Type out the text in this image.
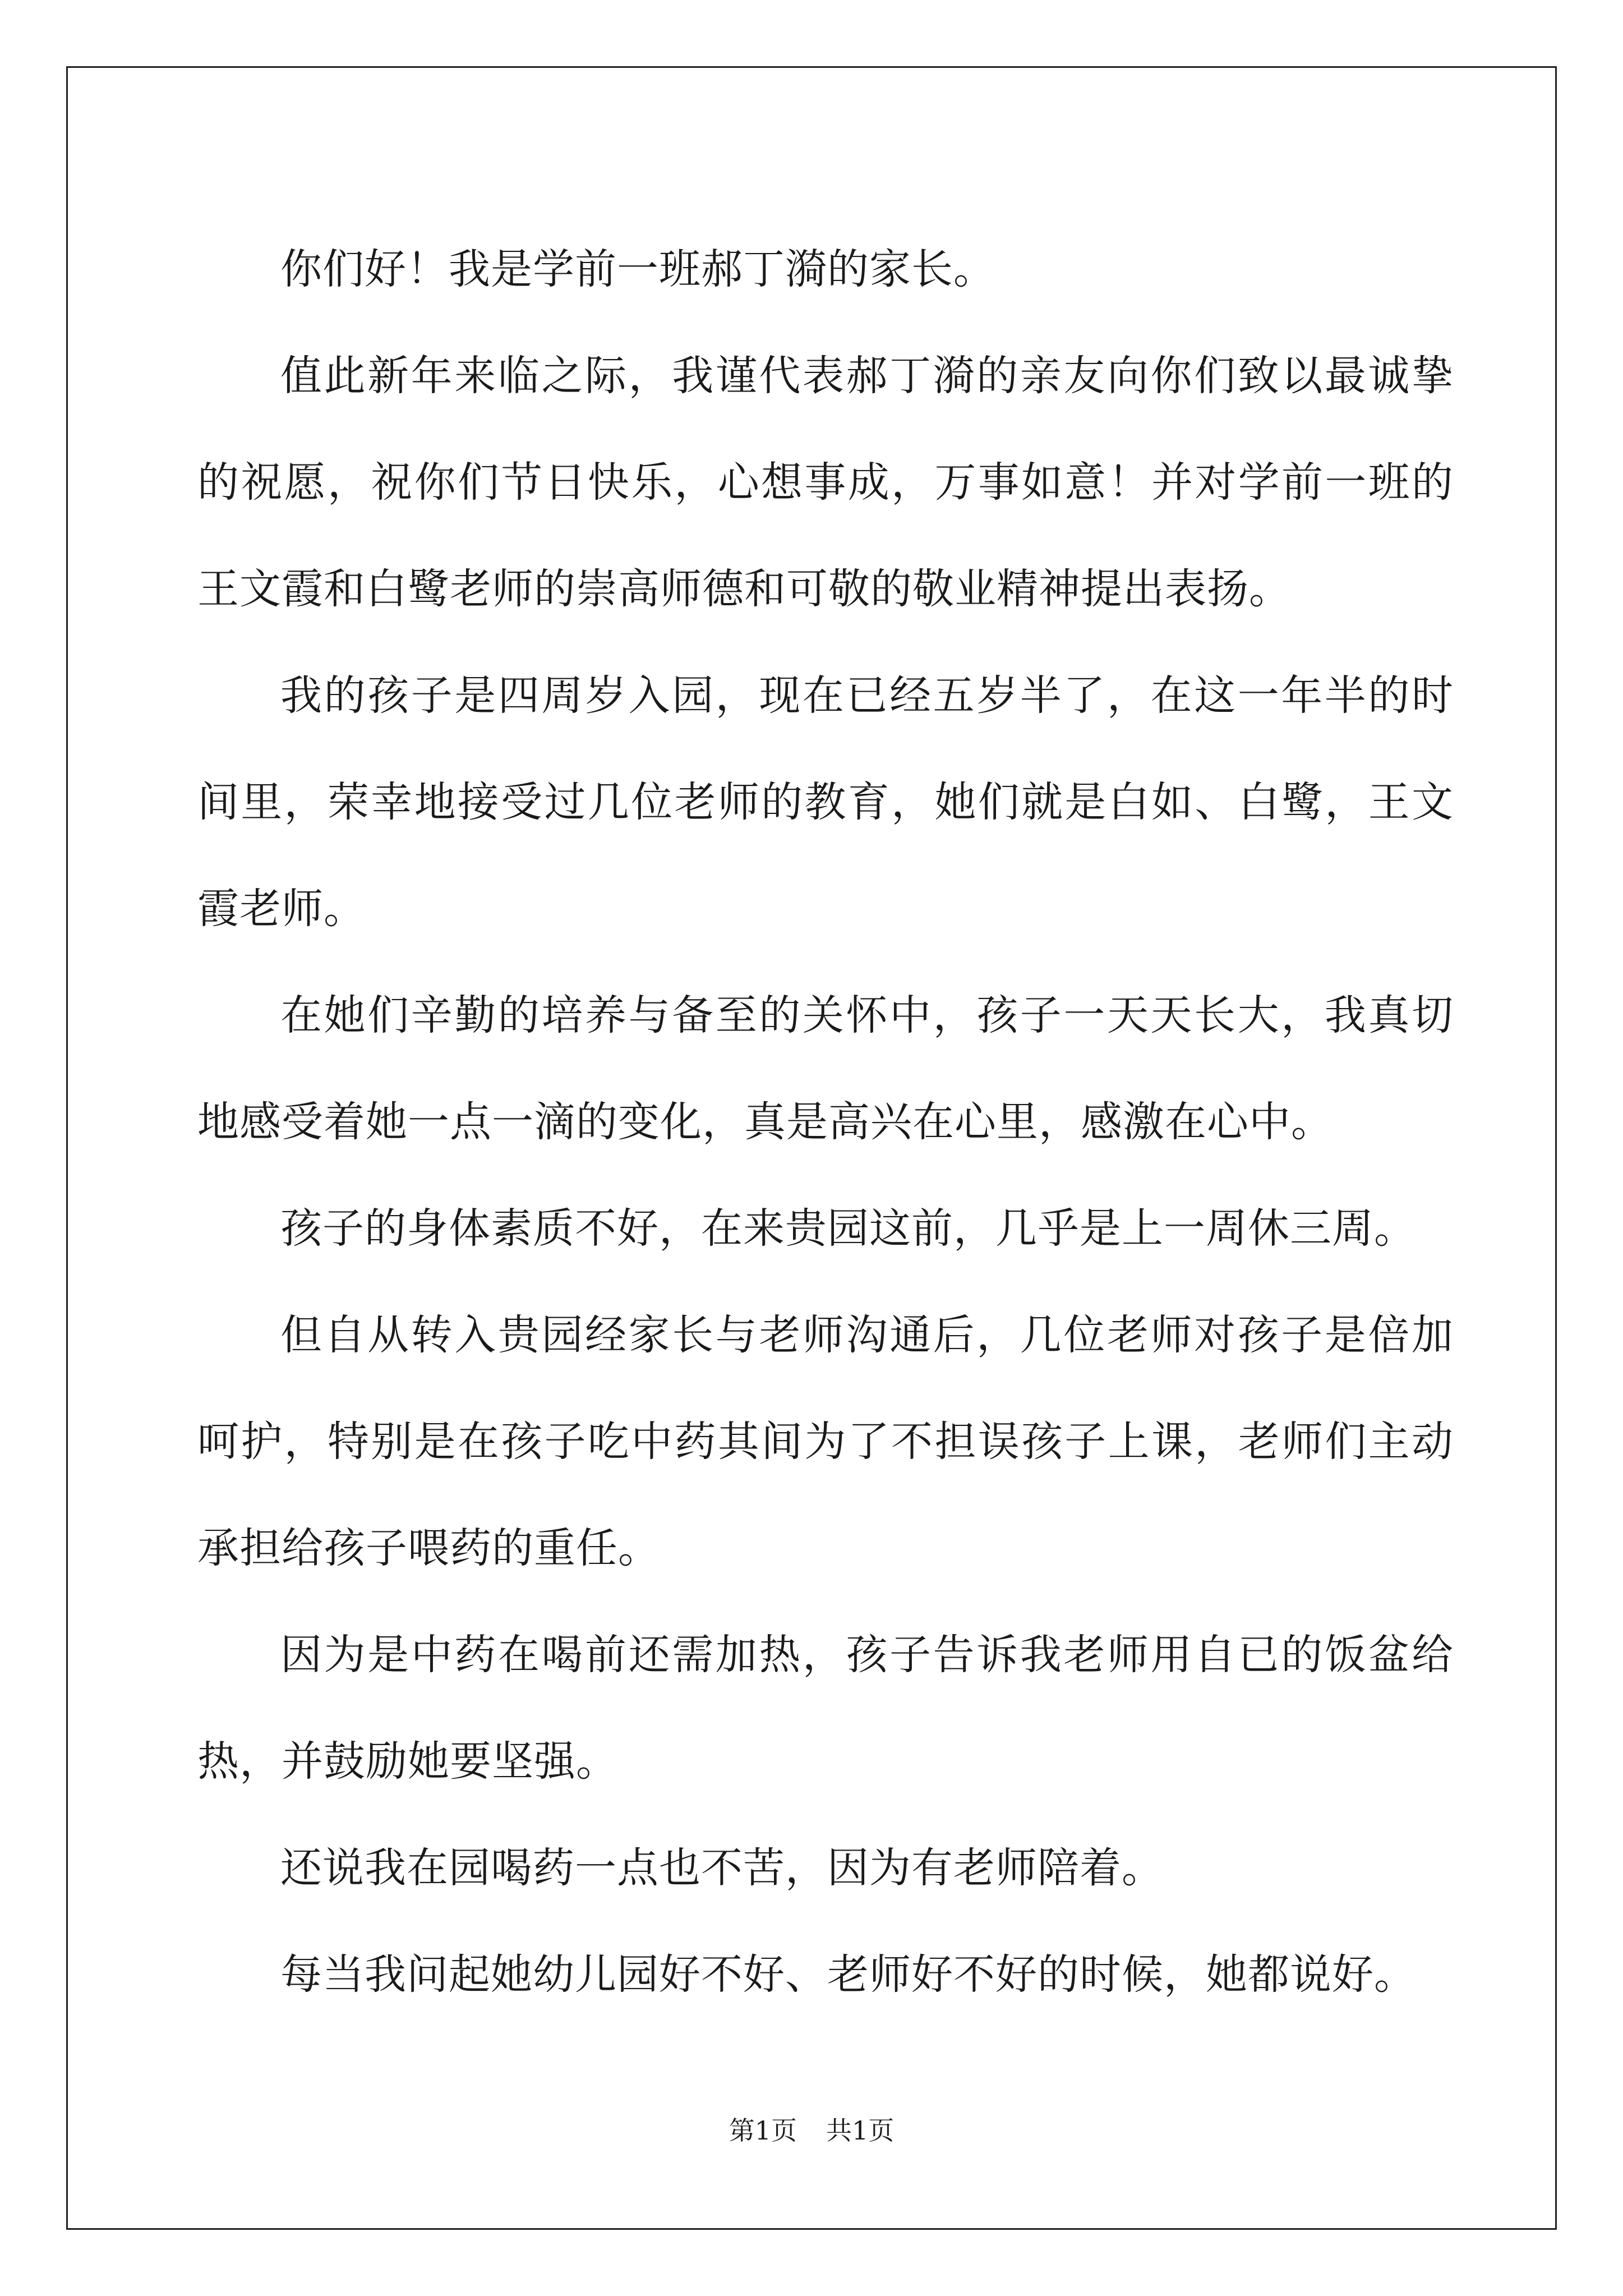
你们好！我是学前一班郝丁漪的家长。

值此新年来临之际，我谨代表郝丁漪的亲友向你们致以最诚挚的祝愿，祝你们节日快乐，心想事成，万事如意！并对学前一班的王文霞和白鹭老师的崇高师德和可敬的敬业精神提出表扬。

我的孩子是四周岁入园，现在已经五岁半了，在这一年半的时间里，荣幸地接受过几位老师的教育，她们就是白如、白鹭，王文霞老师。

在她们辛勤的培养与备至的关怀中，孩子一天天长大，我真切地感受着她一点一滴的变化，真是高兴在心里，感激在心中。

孩子的身体素质不好，在来贵园这前，几乎是上一周休三周。

但自从转入贵园经家长与老师沟通后，几位老师对孩子是倍加呵护，特别是在孩子吃中药其间为了不担误孩子上课，老师们主动承担给孩子喂药的重任。

因为是中药在喝前还需加热，孩子告诉我老师用自已的饭盆给热，并鼓励她要坚强。

还说我在园喝药一点也不苦，因为有老师陪着。

每当我问起她幼儿园好不好、老师好不好的时候，她都说好。

第1页 共1页
